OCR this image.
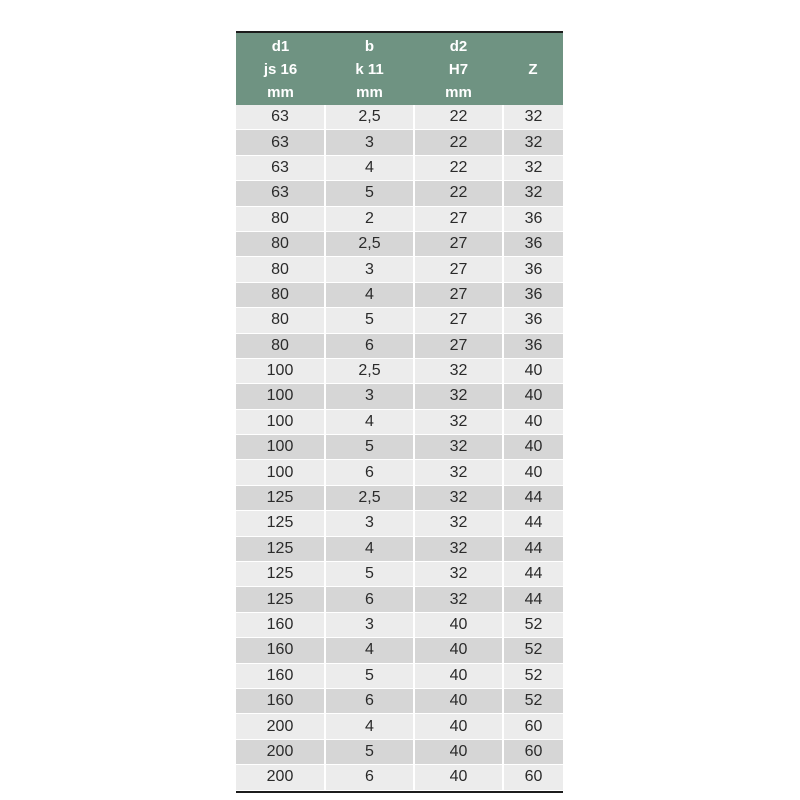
d1
js 16
mm	b
k 11
mm	d2
H7
mm	Z

63	2,5	22	32
63	3	22	32
63	4	22	32
63	5	22	32
80	2	27	36
80	2,5	27	36
80	3	27	36
80	4	27	36
80	5	27	36
80	6	27	36
100	2,5	32	40
100	3	32	40
100	4	32	40
100	5	32	40
100	6	32	40
125	2,5	32	44
125	3	32	44
125	4	32	44
125	5	32	44
125	6	32	44
160	3	40	52
160	4	40	52
160	5	40	52
160	6	40	52
200	4	40	60
200	5	40	60
200	6	40	60
